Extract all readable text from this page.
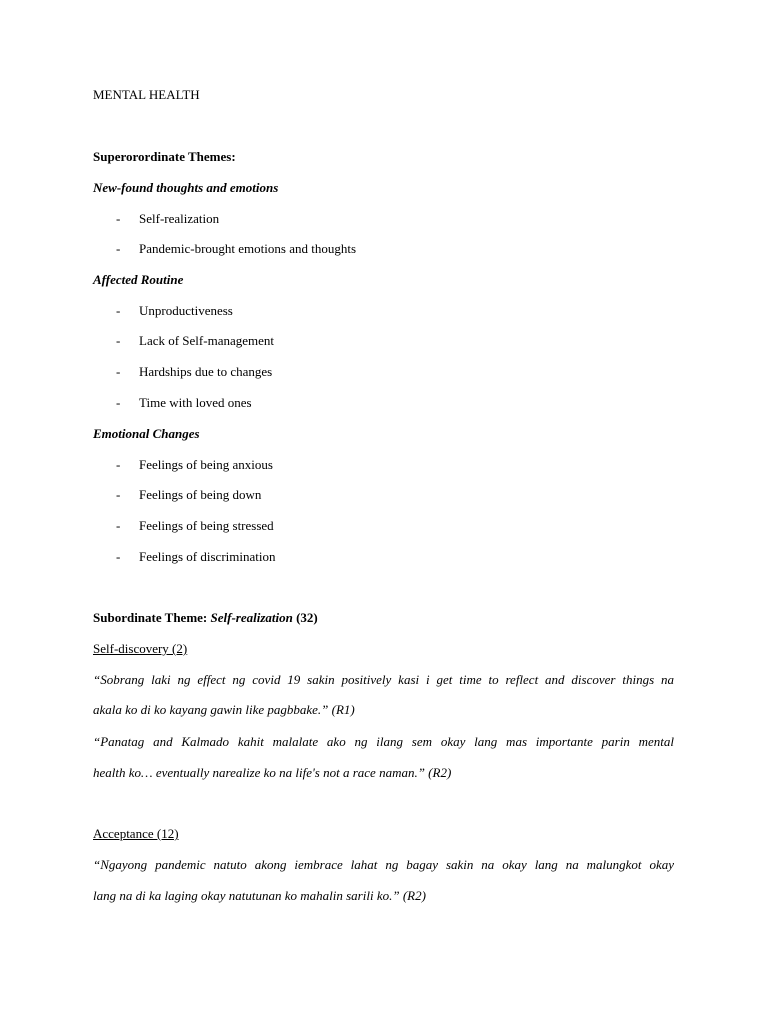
MENTAL HEALTH
Superorordinate Themes:
New-found thoughts and emotions
- Self-realization
- Pandemic-brought emotions and thoughts
Affected Routine
- Unproductiveness
- Lack of Self-management
- Hardships due to changes
- Time with loved ones
Emotional Changes
- Feelings of being anxious
- Feelings of being down
- Feelings of being stressed
- Feelings of discrimination
Subordinate Theme: Self-realization (32)
Self-discovery (2)
“Sobrang laki ng effect ng covid 19 sakin positively kasi i get time to reflect and discover things na
akala ko di ko kayang gawin like pagbbake.” (R1)
“Panatag and Kalmado kahit malalate ako ng ilang sem okay lang mas importante parin mental
health ko… eventually narealize ko na life's not a race naman.” (R2)
Acceptance (12)
“Ngayong pandemic natuto akong iembrace lahat ng bagay sakin na okay lang na malungkot okay
lang na di ka laging okay natutunan ko mahalin sarili ko.” (R2)
